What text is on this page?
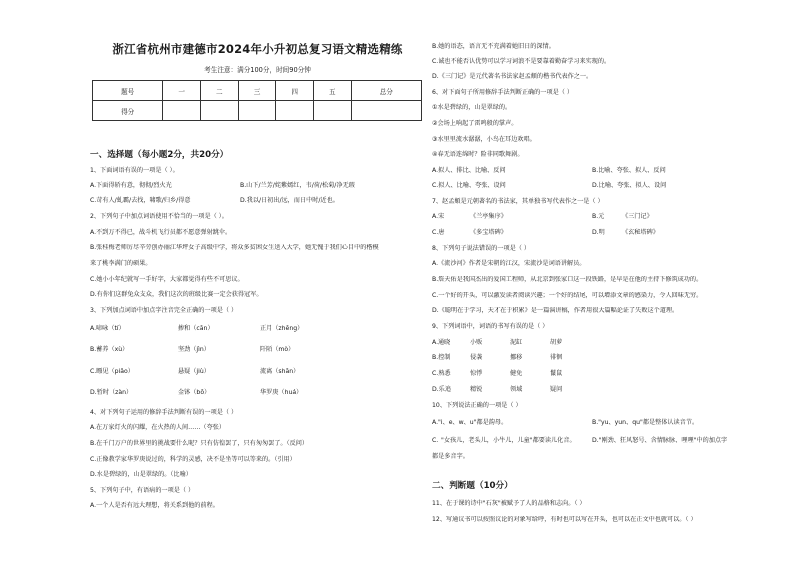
浙江省杭州市建德市2024年小升初总复习语文精选精练
考生注意：满分100分，时间90分钟
题号	一	二	三	四	五	总分
得分						
一、选择题（每小题2分，共20分）
1、下面词语有误的一项是（ ）。
A.下面得轿有意，彻彻/烈火光	B.山下/兰芳/姹紫嫣红，韦/荷/松菊/净无瑕
C.苛有人/虬霸/去找，啸歌/归乡/得意	D.我以/日初出/远，而日中时/近也。
2、下列句子中加点词语使用不恰当的一项是（ ）。
A.不到万不得已，战斗机飞行员都不愿意弹射跳伞。
B.张桂梅老师厉尽辛劳创办丽江华坪女子高级中学，将众多贫困女生送入大学，她无愧于我们心目中的楷模
来了桃李满门的硕果。
C.她小小年纪就写一手好字，大家都觉得有些不可思议。
D.有你们这群兔众支众，我们这次的班级比赛一定会获得冠军。
3、下列加点词语中加点字注音完全正确的一项是（ ）
A.啼咏（tí）	掺和（cān）	正月（zhēng）
B.蓄养（xù）	坚劲（jìn）	阡陌（mò）
C.瞟见（piǎo）	悬疑（jiù）	流离（shān）
D.暂时（zàn）	金钵（bō）	华罗庚（huá）
4、对下列句子运用的修辞手法判断有误的一项是（ ）
A.在万家灯火的闪耀，在火热的人间……（夸张）
B.在千门万户的世界里的挑战要什么呢？只有仿徨罢了，只有匆匆罢了。（反问）
C.正像教学家华罗庚说过的，科学的灵感，决不是坐等可以等来的。（引用）
D.水是碧绿的，山是翠绿的。（比喻）
5、下列句子中，有语病的一项是（ ）
A.一个人是否有远大理想，将关系到他的前程。
B.她的语态，语言无不充满着她旧日的深情。
C.诚也不能否认优势可以学习词浪不是要靠着勤奋学习来实现的。
D.《三门记》是元代著名书法家赵孟頫的楷书代表作之一。
6、对下面句子所用修辞手法判断正确的一项是（ ）
①水是碧绿的，山是翠绿的。
②会场上响起了雷鸣般的掌声。
③水里里流水潺潺，小鸟在耳边欢唱。
④春无语连绵时？险非同歌舞剧。
A.拟人、排比、比喻、反问	B.比喻、夸张、拟人、反问
C.拟人、比喻、夸张、设问	D.比喻、夸张、拟人、设问
7、赵孟頫是元朝著名的书法家，其单独书写代表作之一是（ ）
A.宋	《兰亭集序》	B.元	《三门记》
C.唐	《多宝塔碑》	D.明	《玄秘塔碑》
8、下列句子说法错误的一项是（ ）
A.《流沙河》作者是宋朝的江汉，宋流沙是词语讲解员。
B.詹天佑是我国杰出的爱国工程师，从北京到张家口这一段铁路，是早是在他的主持下修筑成功的。
C.一个好的开头，可以激发读者阅读兴趣；一个好的结尾，可以增添文章的感染力，令人回味无穷。
D.《聪明在于学习，天才在于积累》是一篇演讲稿，作者用很大篇幅论证了失败这个道理。
9、下列词语中，词语的书写有误的是（ ）
A.通晓	小贩	泥缸	胡萝
B.控制	侵袭	挪移	徘徊
C.熟悉	惊悸	健免	鬣鼠
D.乐追	精锐	领域	疑问
10、下列说法正确的一项是（ ）
A."i、e、w、u"都是韵母。	B."yu、yun、qu"都是整体认读音节。
C. "女孩儿，老头儿，小牛儿，儿童"都要读儿化音。	D."刚劲、狂风怒号、含情脉脉、哩哩"中的加点字
都是多音字。
二、判断题（10分）
11、在于课的诗中"石灰"被赋予了人的品格和志向。（ ）
12、写通议书可以按照议论的对象写给呼，有时也可以写在开头，也可以在正文中也就可以。（ ）
